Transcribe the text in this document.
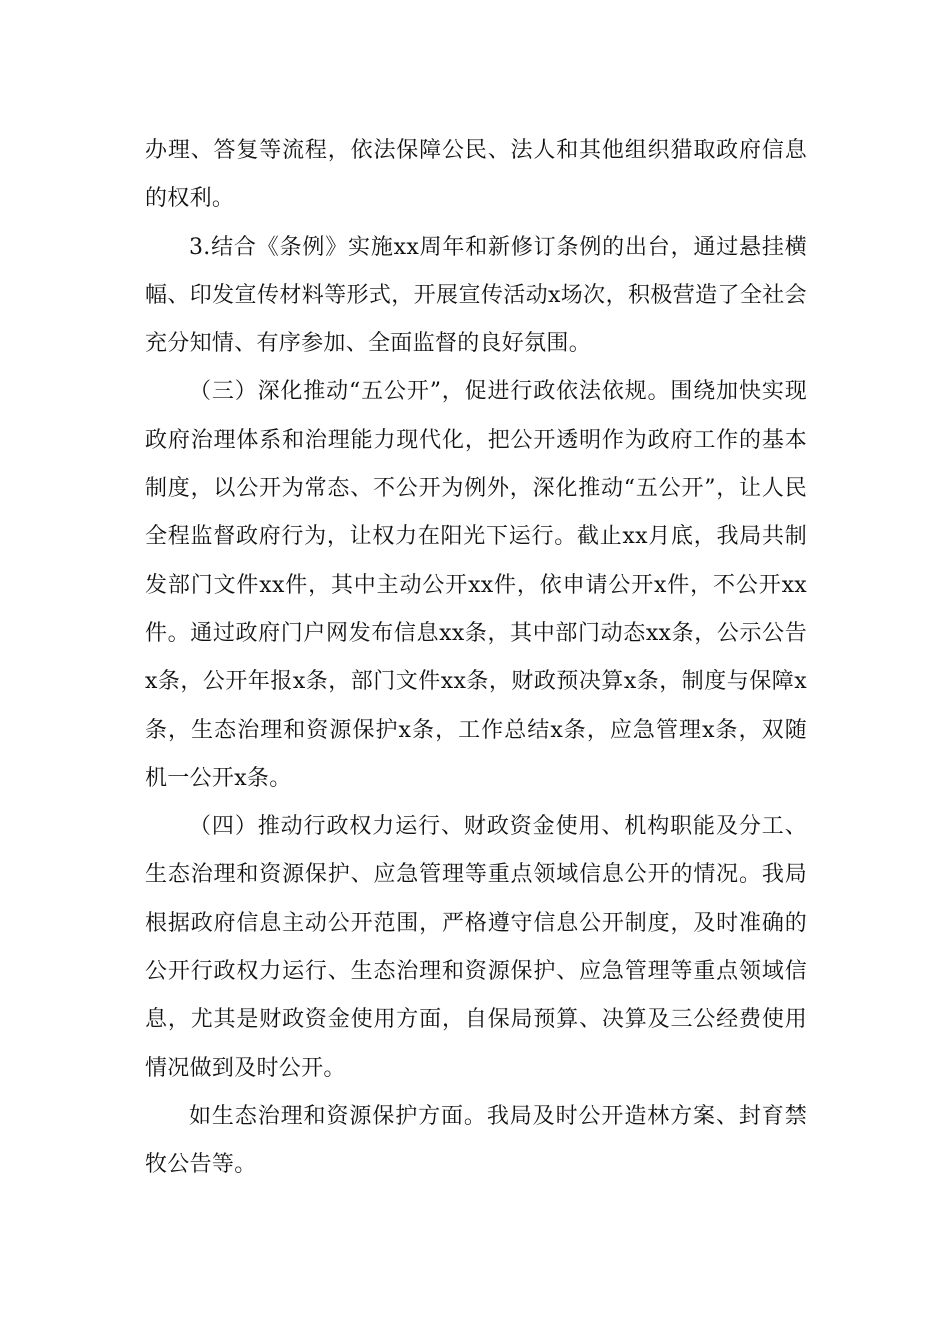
办理、答复等流程，依法保障公民、法人和其他组织猎取政府信息的权利。

3.结合《条例》实施xx周年和新修订条例的出台，通过悬挂横幅、印发宣传材料等形式，开展宣传活动x场次，积极营造了全社会充分知情、有序参加、全面监督的良好氛围。

（三）深化推动“五公开”，促进行政依法依规。围绕加快实现政府治理体系和治理能力现代化，把公开透明作为政府工作的基本制度，以公开为常态、不公开为例外，深化推动“五公开”，让人民全程监督政府行为，让权力在阳光下运行。截止xx月底，我局共制发部门文件xx件，其中主动公开xx件，依申请公开x件，不公开xx件。通过政府门户网发布信息xx条，其中部门动态xx条，公示公告x条，公开年报x条，部门文件xx条，财政预决算x条，制度与保障x条，生态治理和资源保护x条，工作总结x条，应急管理x条，双随机一公开x条。

（四）推动行政权力运行、财政资金使用、机构职能及分工、生态治理和资源保护、应急管理等重点领域信息公开的情况。我局根据政府信息主动公开范围，严格遵守信息公开制度，及时准确的公开行政权力运行、生态治理和资源保护、应急管理等重点领域信息，尤其是财政资金使用方面，自保局预算、决算及三公经费使用情况做到及时公开。

如生态治理和资源保护方面。我局及时公开造林方案、封育禁牧公告等。
